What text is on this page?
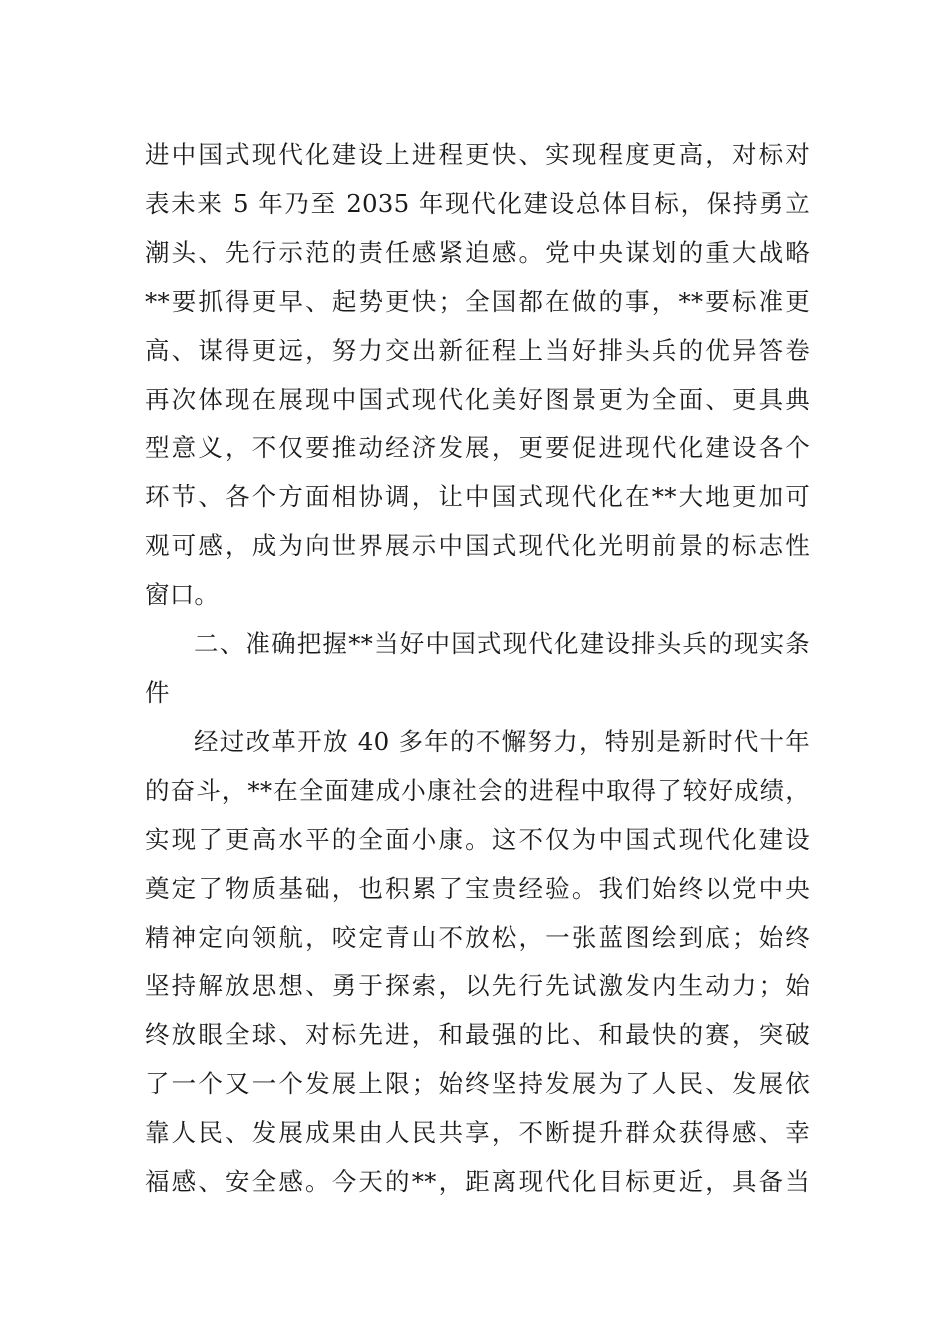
进中国式现代化建设上进程更快、实现程度更高，对标对
表未来 5 年乃至 2035 年现代化建设总体目标，保持勇立
潮头、先行示范的责任感紧迫感。党中央谋划的重大战略
**要抓得更早、起势更快；全国都在做的事，**要标准更
高、谋得更远，努力交出新征程上当好排头兵的优异答卷
再次体现在展现中国式现代化美好图景更为全面、更具典
型意义，不仅要推动经济发展，更要促进现代化建设各个
环节、各个方面相协调，让中国式现代化在**大地更加可
观可感，成为向世界展示中国式现代化光明前景的标志性
窗口。
二、准确把握**当好中国式现代化建设排头兵的现实条
件
经过改革开放 40 多年的不懈努力，特别是新时代十年
的奋斗，**在全面建成小康社会的进程中取得了较好成绩，
实现了更高水平的全面小康。这不仅为中国式现代化建设
奠定了物质基础，也积累了宝贵经验。我们始终以党中央
精神定向领航，咬定青山不放松，一张蓝图绘到底；始终
坚持解放思想、勇于探索，以先行先试激发内生动力；始
终放眼全球、对标先进，和最强的比、和最快的赛，突破
了一个又一个发展上限；始终坚持发展为了人民、发展依
靠人民、发展成果由人民共享，不断提升群众获得感、幸
福感、安全感。今天的**，距离现代化目标更近，具备当
